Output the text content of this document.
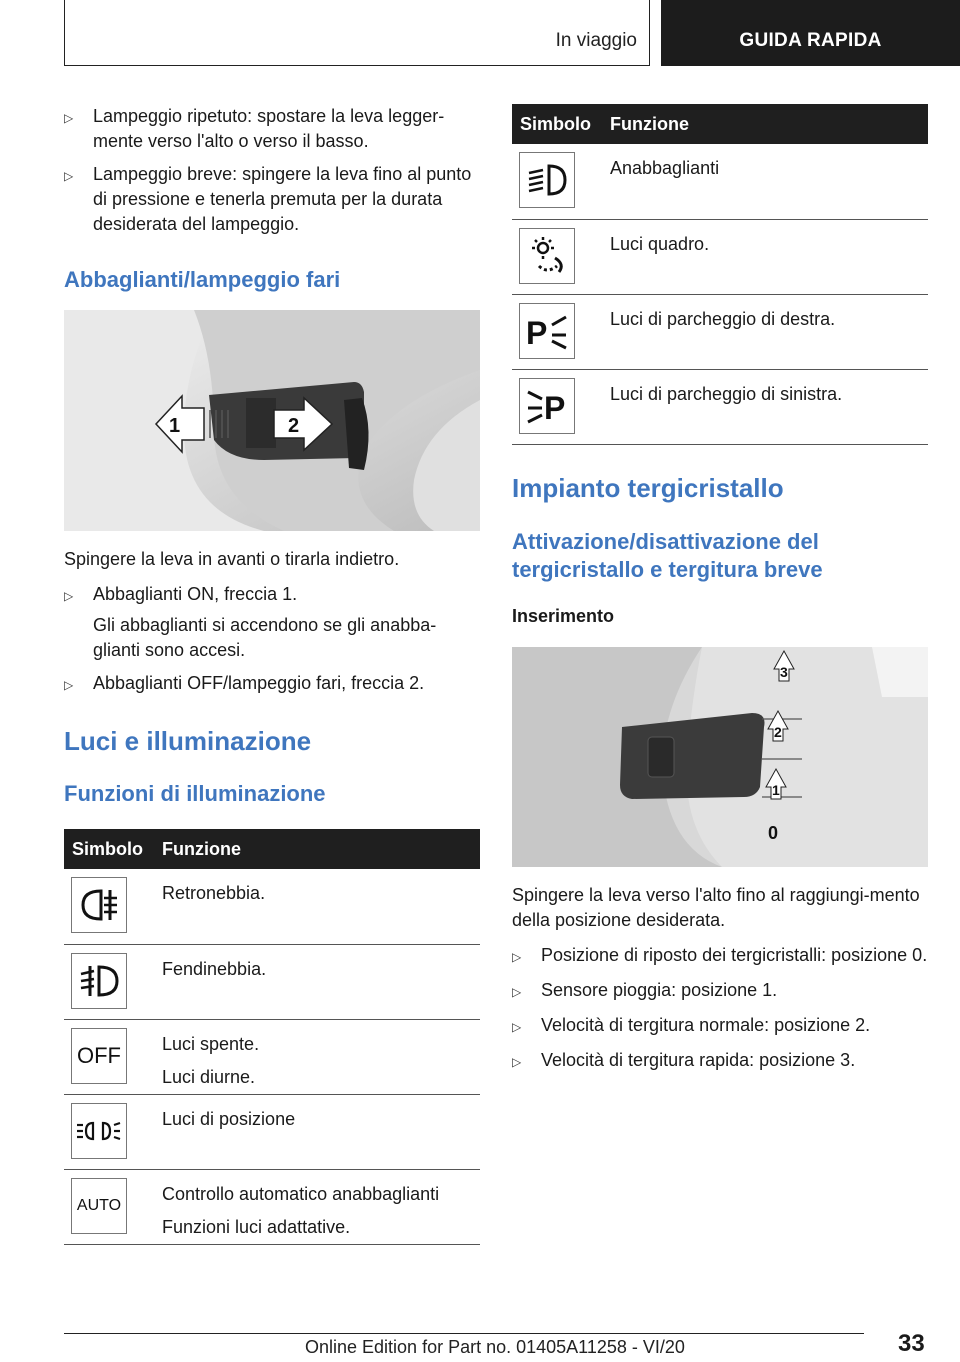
In viaggio	GUIDA RAPIDA
▷	Lampeggio ripetuto: spostare la leva legger-mente verso l'alto o verso il basso.
▷	Lampeggio breve: spingere la leva fino al punto di pressione e tenerla premuta per la durata desiderata del lampeggio.
Abbaglianti/lampeggio fari
2
1
Spingere la leva in avanti o tirarla indietro.
▷	Abbaglianti ON, freccia 1.
Gli abbaglianti si accendono se gli anabba-glianti sono accesi.
▷	Abbaglianti OFF/lampeggio fari, freccia 2.
Luci e illuminazione
Funzioni di illuminazione
Simbolo	Funzione

Retronebbia.

Fendinebbia.

OFF	Luci spente.
Luci diurne.

Luci di posizione

AUTO	Controllo automatico anabbaglianti
Funzioni luci adattative.
Simbolo	Funzione

Anabbaglianti

Luci quadro.

P	Luci di parcheggio di destra.

P	Luci di parcheggio di sinistra.
Impianto tergicristallo
Attivazione/disattivazione del tergicristallo e tergitura breve
Inserimento
3
2
1
0
Spingere la leva verso l'alto fino al raggiungi-mento della posizione desiderata.
▷	Posizione di riposto dei tergicristalli: posizione 0.
▷	Sensore pioggia: posizione 1.
▷	Velocità di tergitura normale: posizione 2.
▷	Velocità di tergitura rapida: posizione 3.
33
Online Edition for Part no. 01405A11258 - VI/20
